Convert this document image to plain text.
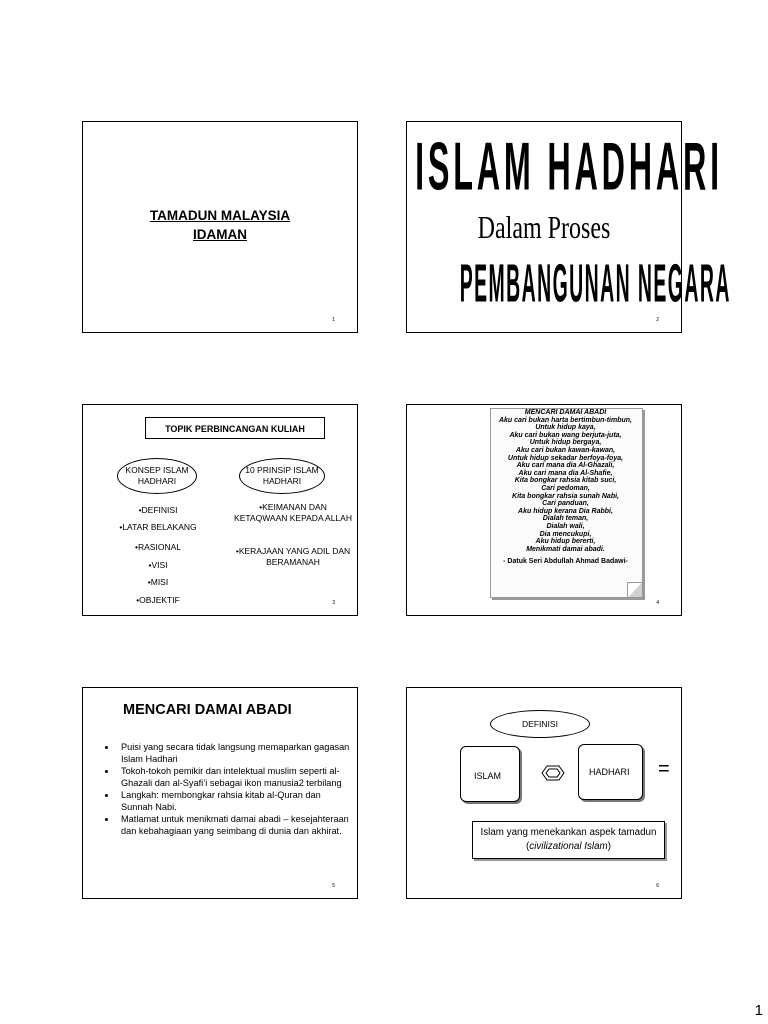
TAMADUN MALAYSIA
IDAMAN
1
ISLAM HADHARI
Dalam Proses
PEMBANGUNAN NEGARA
2
TOPIK PERBINCANGAN KULIAH
KONSEP ISLAM HADHARI
10 PRINSIP ISLAM HADHARI
•DEFINISI
•LATAR BELAKANG
•RASIONAL
•VISI
•MISI
•OBJEKTIF
•KEIMANAN DAN KETAQWAAN KEPADA ALLAH
•KERAJAAN YANG ADIL DAN BERAMANAH
3
MENCARI DAMAI ABADI
Aku cari bukan harta bertimbun-timbun,
Untuk hidup kaya,
Aku cari bukan wang berjuta-juta,
Untuk hidup bergaya,
Aku cari bukan kawan-kawan,
Untuk hidup sekadar berfoya-foya,
Aku cari mana dia Al-Ghazali,
Aku cari mana dia Al-Shafie,
Kita bongkar rahsia kitab suci,
Cari pedoman,
Kita bongkar rahsia sunah Nabi,
Cari panduan,
Aku hidup kerana Dia Rabbi,
Dialah teman,
Dialah wali,
Dia mencukupi,
Aku hidup bererti,
Menikmati damai abadi.
- Datuk Seri Abdullah Ahmad Badawi-
4
MENCARI DAMAI ABADI
• Puisi yang secara tidak langsung memaparkan gagasan Islam Hadhari
• Tokoh-tokoh pemikir dan intelektual muslim seperti al-Ghazali dan al-Syafi’i sebagai ikon manusia2 terbilang
• Langkah: membongkar rahsia kitab al-Quran dan Sunnah Nabi.
• Matlamat untuk menikmati damai abadi – kesejahteraan dan kebahagiaan yang seimbang di dunia dan akhirat.
5
DEFINISI
ISLAM	HADHARI =
Islam yang menekankan aspek tamadun
(civilizational Islam)
6
1
